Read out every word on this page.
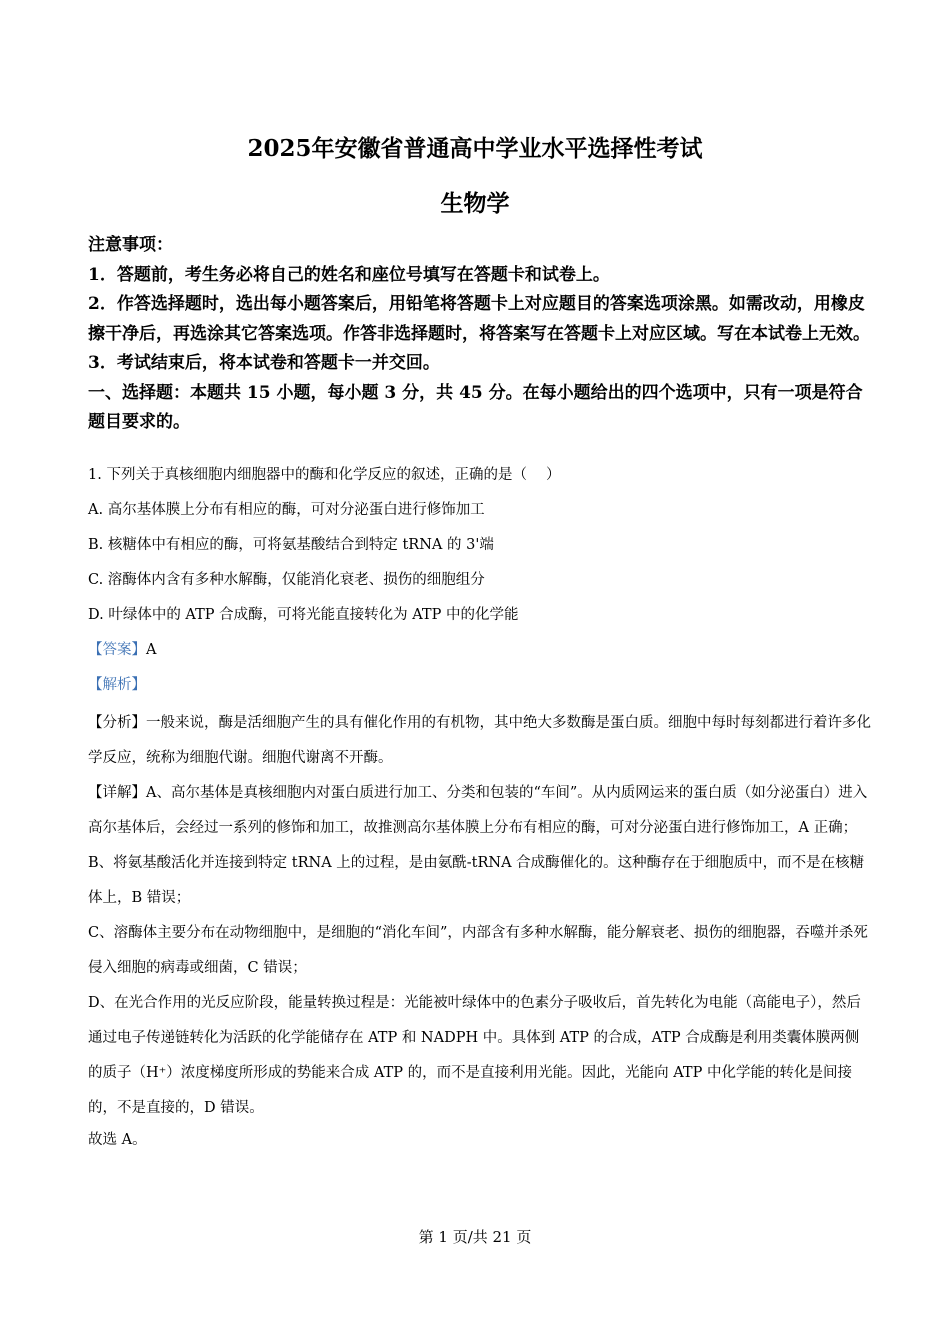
2025年安徽省普通高中学业水平选择性考试
生物学
注意事项：
1．答题前，考生务必将自己的姓名和座位号填写在答题卡和试卷上。
2．作答选择题时，选出每小题答案后，用铅笔将答题卡上对应题目的答案选项涂黑。如需改动，用橡皮擦干净后，再选涂其它答案选项。作答非选择题时，将答案写在答题卡上对应区域。写在本试卷上无效。
3．考试结束后，将本试卷和答题卡一并交回。
一、选择题：本题共 15 小题，每小题 3 分，共 45 分。在每小题给出的四个选项中，只有一项是符合题目要求的。
1. 下列关于真核细胞内细胞器中的酶和化学反应的叙述，正确的是（　 ）
A. 高尔基体膜上分布有相应的酶，可对分泌蛋白进行修饰加工
B. 核糖体中有相应的酶，可将氨基酸结合到特定 tRNA 的 3'端
C. 溶酶体内含有多种水解酶，仅能消化衰老、损伤的细胞组分
D. 叶绿体中的 ATP 合成酶，可将光能直接转化为 ATP 中的化学能
【答案】A
【解析】
【分析】一般来说，酶是活细胞产生的具有催化作用的有机物，其中绝大多数酶是蛋白质。细胞中每时每刻都进行着许多化学反应，统称为细胞代谢。细胞代谢离不开酶。
【详解】A、高尔基体是真核细胞内对蛋白质进行加工、分类和包装的“车间”。从内质网运来的蛋白质（如分泌蛋白）进入高尔基体后，会经过一系列的修饰和加工，故推测高尔基体膜上分布有相应的酶，可对分泌蛋白进行修饰加工，A 正确；
B、将氨基酸活化并连接到特定 tRNA 上的过程，是由氨酰-tRNA 合成酶催化的。这种酶存在于细胞质中，而不是在核糖体上，B 错误；
C、溶酶体主要分布在动物细胞中，是细胞的“消化车间”，内部含有多种水解酶，能分解衰老、损伤的细胞器，吞噬并杀死侵入细胞的病毒或细菌，C 错误；
D、在光合作用的光反应阶段，能量转换过程是：光能被叶绿体中的色素分子吸收后，首先转化为电能（高能电子），然后通过电子传递链转化为活跃的化学能储存在 ATP 和 NADPH 中。具体到 ATP 的合成，ATP 合成酶是利用类囊体膜两侧的质子（H⁺）浓度梯度所形成的势能来合成 ATP 的，而不是直接利用光能。因此，光能向 ATP 中化学能的转化是间接的，不是直接的，D 错误。
故选 A。
第 1 页/共 21 页
